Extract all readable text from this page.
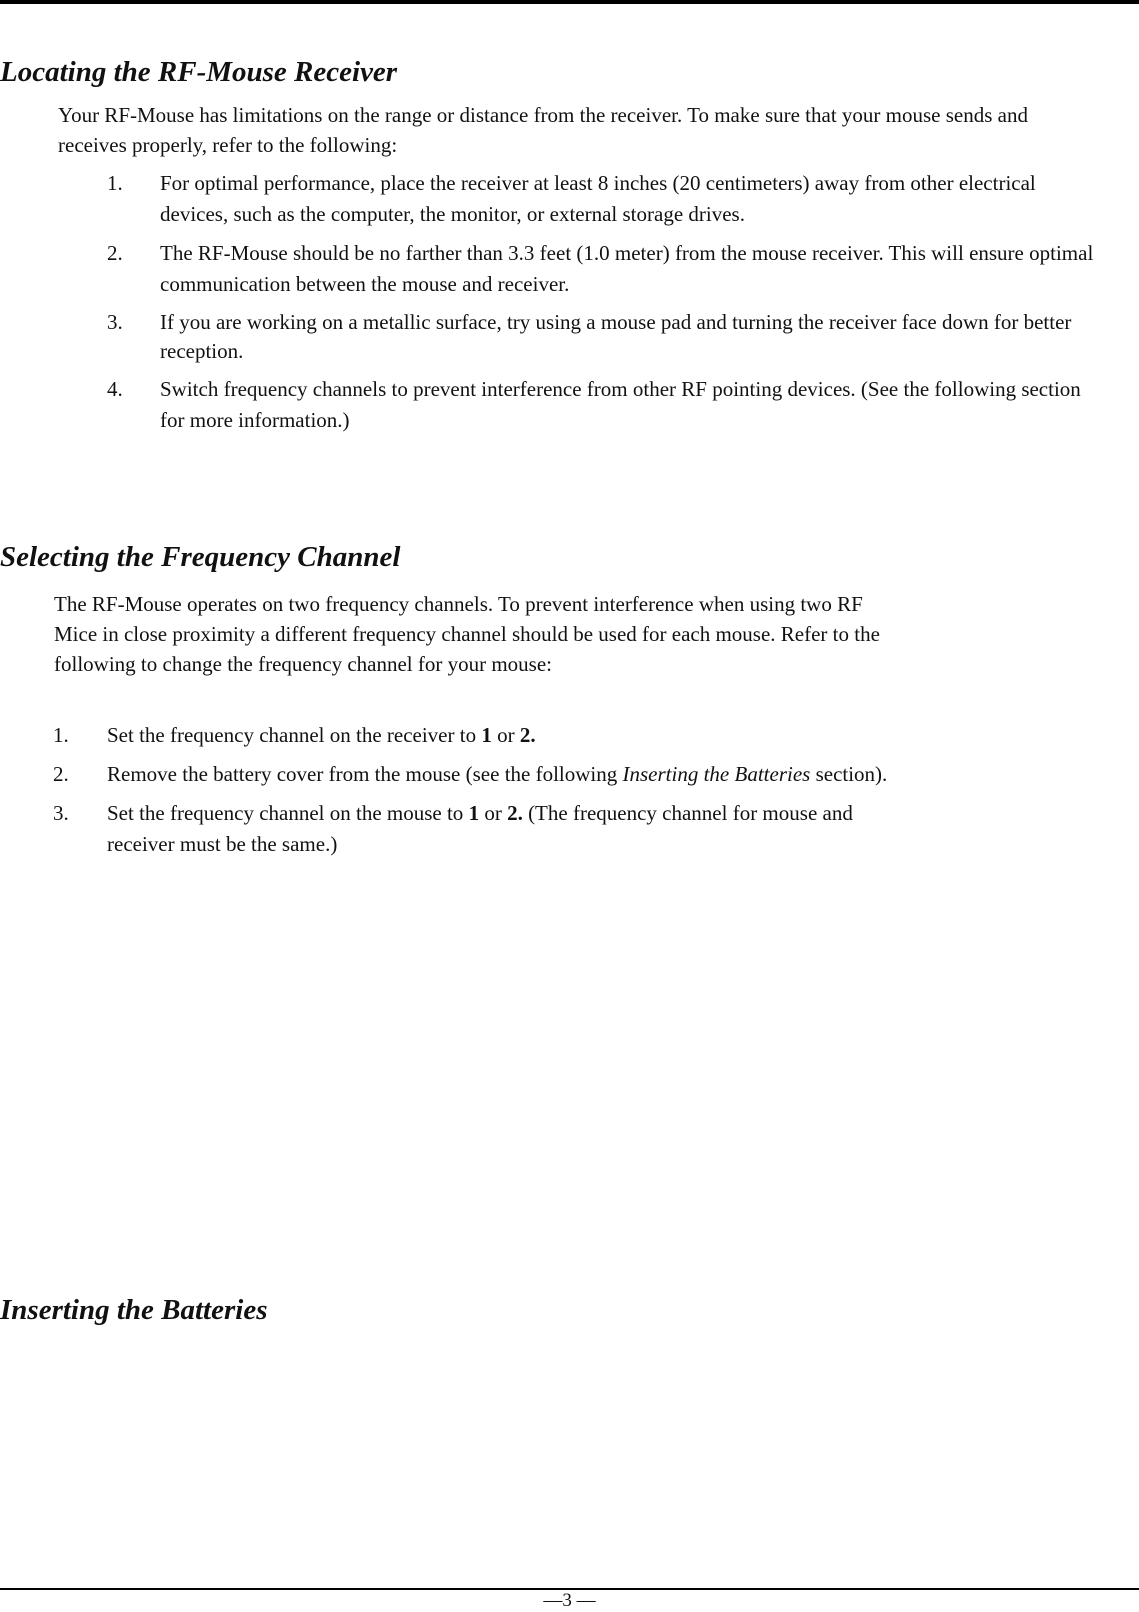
Locating the RF-Mouse Receiver

Your RF-Mouse has limitations on the range or distance from the receiver. To make sure that your mouse sends and receives properly, refer to the following:

1. For optimal performance, place the receiver at least 8 inches (20 centimeters) away from other electrical devices, such as the computer, the monitor, or external storage drives.
2. The RF-Mouse should be no farther than 3.3 feet (1.0 meter) from the mouse receiver. This will ensure optimal communication between the mouse and receiver.
3. If you are working on a metallic surface, try using a mouse pad and turning the receiver face down for better reception.
4. Switch frequency channels to prevent interference from other RF pointing devices. (See the following section for more information.)
Selecting the Frequency Channel

The RF-Mouse operates on two frequency channels. To prevent interference when using two RF Mice in close proximity a different frequency channel should be used for each mouse. Refer to the following to change the frequency channel for your mouse:

1. Set the frequency channel on the receiver to 1 or 2.
2. Remove the battery cover from the mouse (see the following Inserting the Batteries section).
3. Set the frequency channel on the mouse to 1 or 2. (The frequency channel for mouse and receiver must be the same.)
Inserting the Batteries
—3 —
